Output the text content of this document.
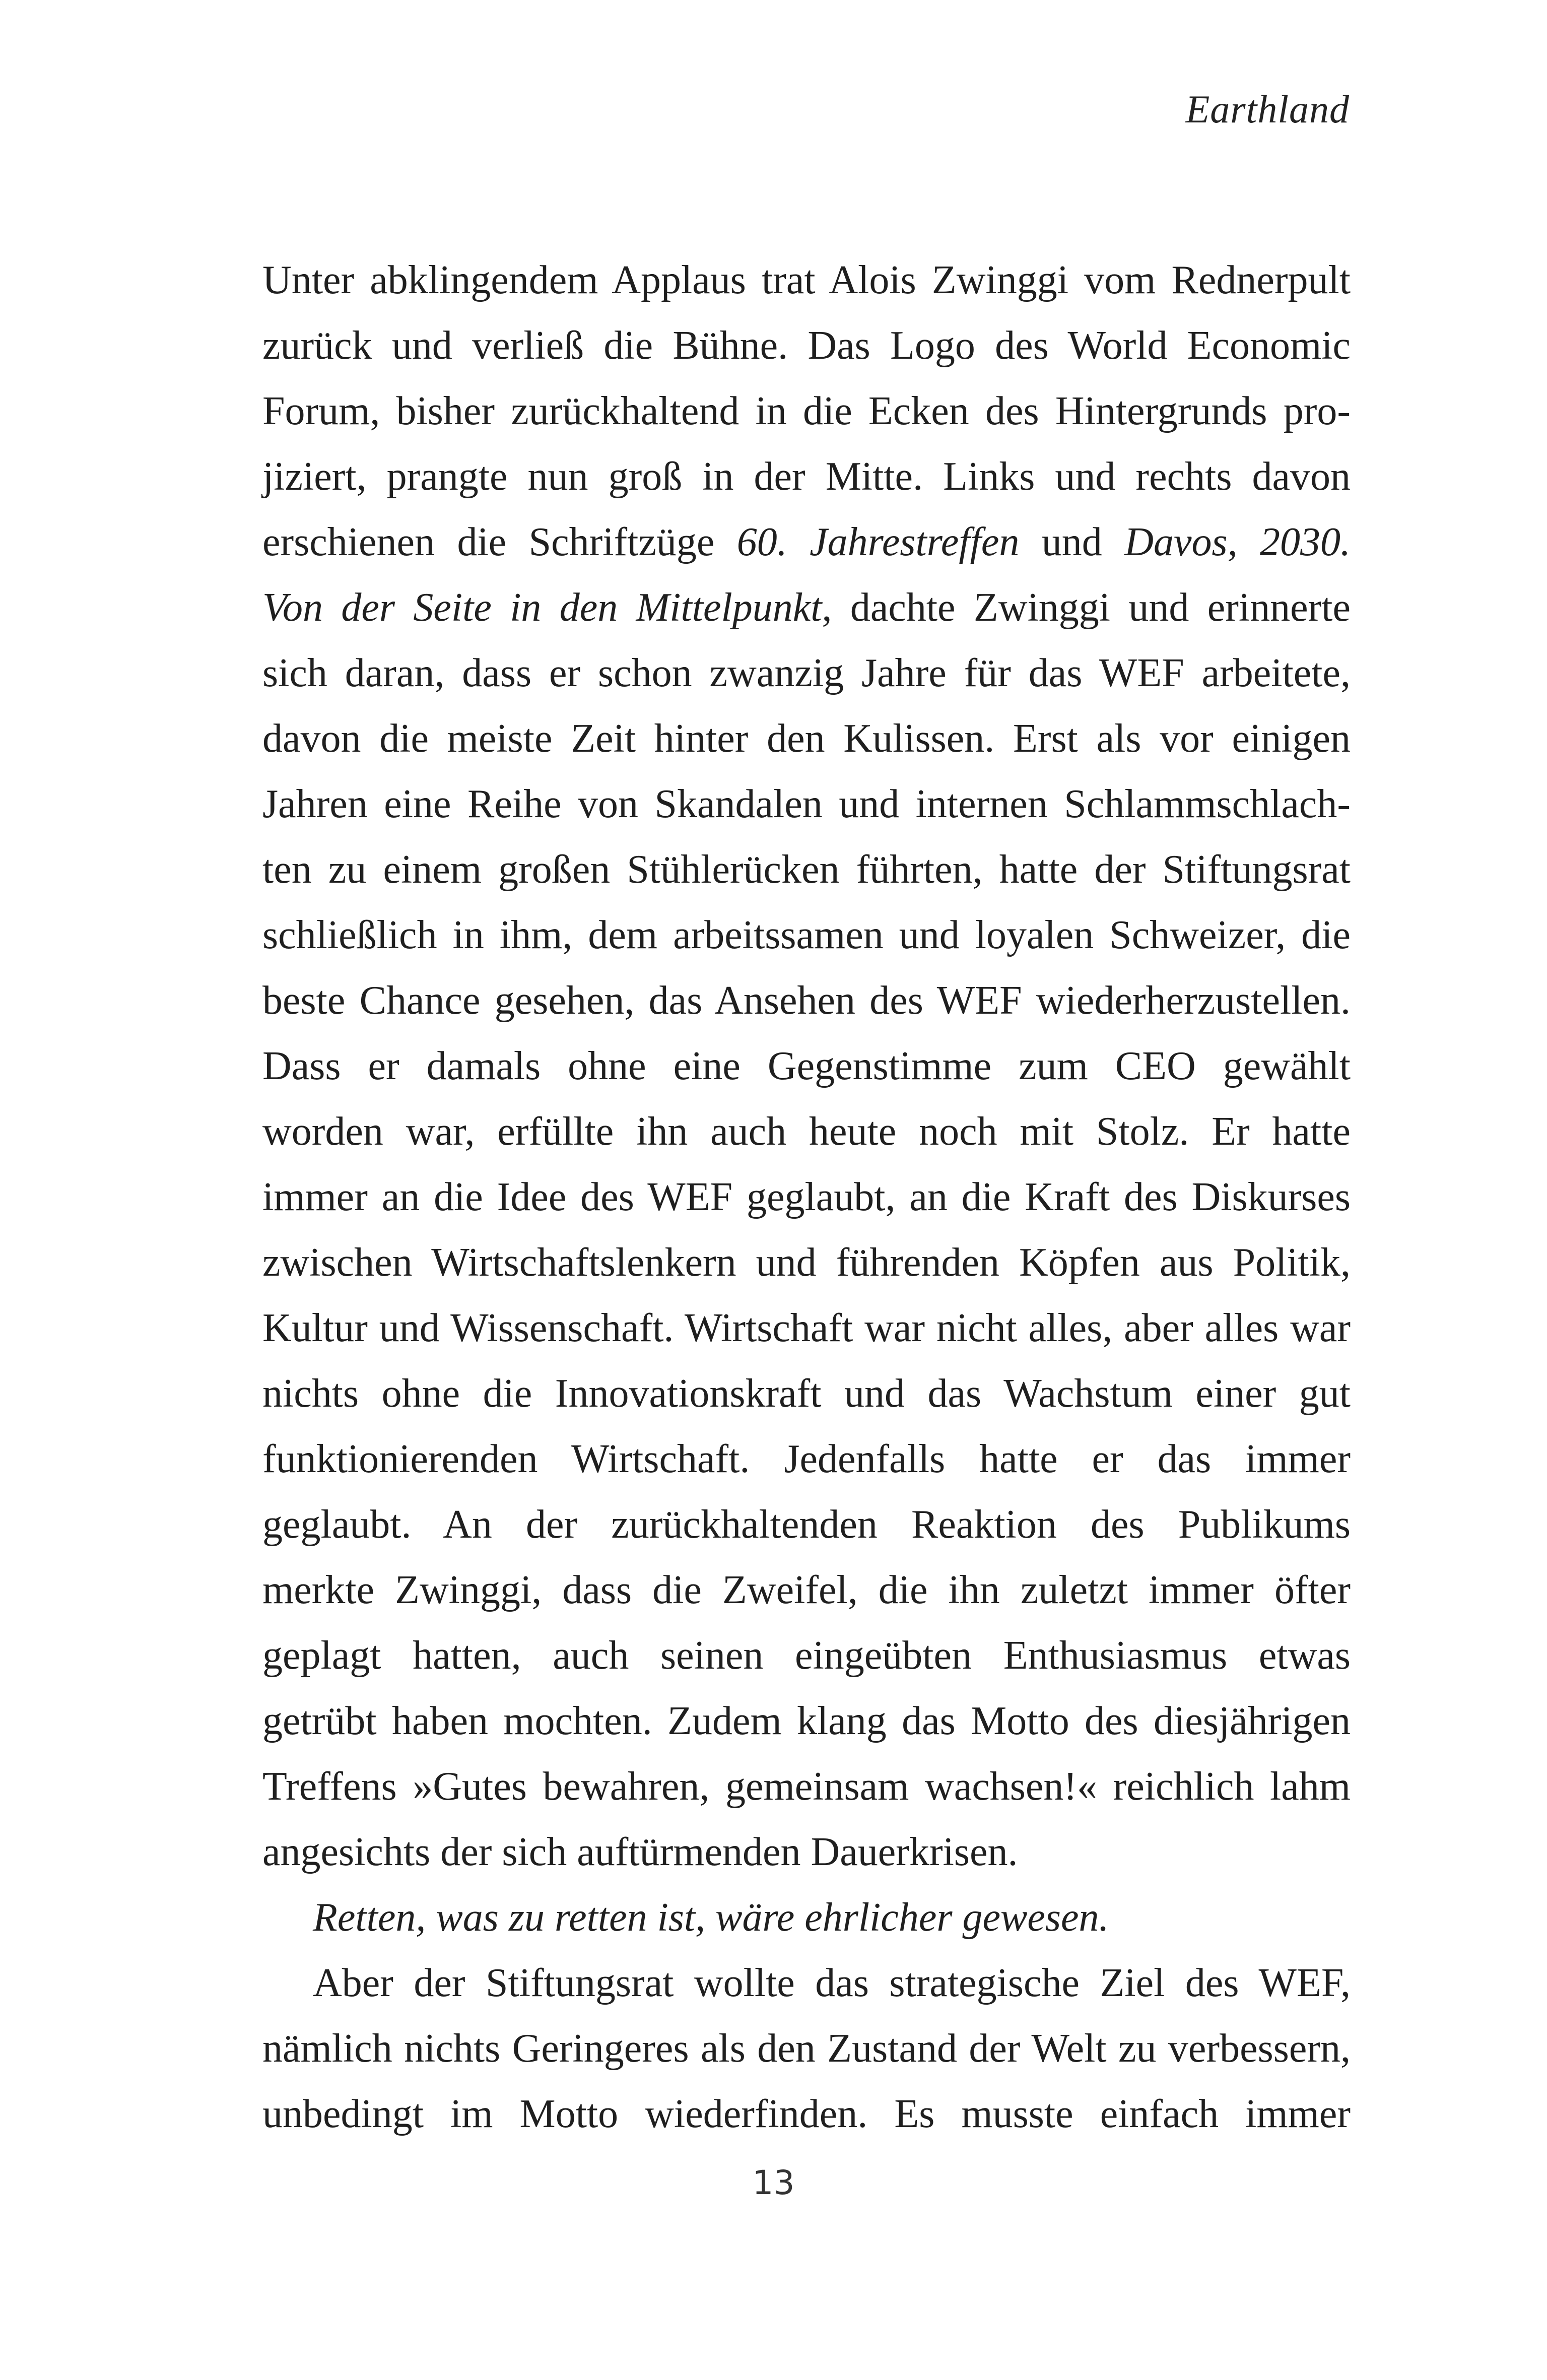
Earthland
Unter abklingendem Applaus trat Alois Zwinggi vom Rednerpult
zurück und verließ die Bühne. Das Logo des World Economic
Forum, bisher zurückhaltend in die Ecken des Hintergrunds pro-
jiziert, prangte nun groß in der Mitte. Links und rechts davon
erschienen die Schriftzüge 60. Jahrestreffen und Davos, 2030.
Von der Seite in den Mittelpunkt, dachte Zwinggi und erinnerte
sich daran, dass er schon zwanzig Jahre für das WEF arbeitete,
davon die meiste Zeit hinter den Kulissen. Erst als vor einigen
Jahren eine Reihe von Skandalen und internen Schlammschlach-
ten zu einem großen Stühlerücken führten, hatte der Stiftungsrat
schließlich in ihm, dem arbeitssamen und loyalen Schweizer, die
beste Chance gesehen, das Ansehen des WEF wiederherzustellen.
Dass er damals ohne eine Gegenstimme zum CEO gewählt
worden war, erfüllte ihn auch heute noch mit Stolz. Er hatte
immer an die Idee des WEF geglaubt, an die Kraft des Diskurses
zwischen Wirtschaftslenkern und führenden Köpfen aus Politik,
Kultur und Wissenschaft. Wirtschaft war nicht alles, aber alles war
nichts ohne die Innovationskraft und das Wachstum einer gut
funktionierenden Wirtschaft. Jedenfalls hatte er das immer
geglaubt. An der zurückhaltenden Reaktion des Publikums
merkte Zwinggi, dass die Zweifel, die ihn zuletzt immer öfter
geplagt hatten, auch seinen eingeübten Enthusiasmus etwas
getrübt haben mochten. Zudem klang das Motto des diesjährigen
Treffens »Gutes bewahren, gemeinsam wachsen!« reichlich lahm
angesichts der sich auftürmenden Dauerkrisen.
Retten, was zu retten ist, wäre ehrlicher gewesen.
Aber der Stiftungsrat wollte das strategische Ziel des WEF,
nämlich nichts Geringeres als den Zustand der Welt zu verbessern,
unbedingt im Motto wiederfinden. Es musste einfach immer
13
